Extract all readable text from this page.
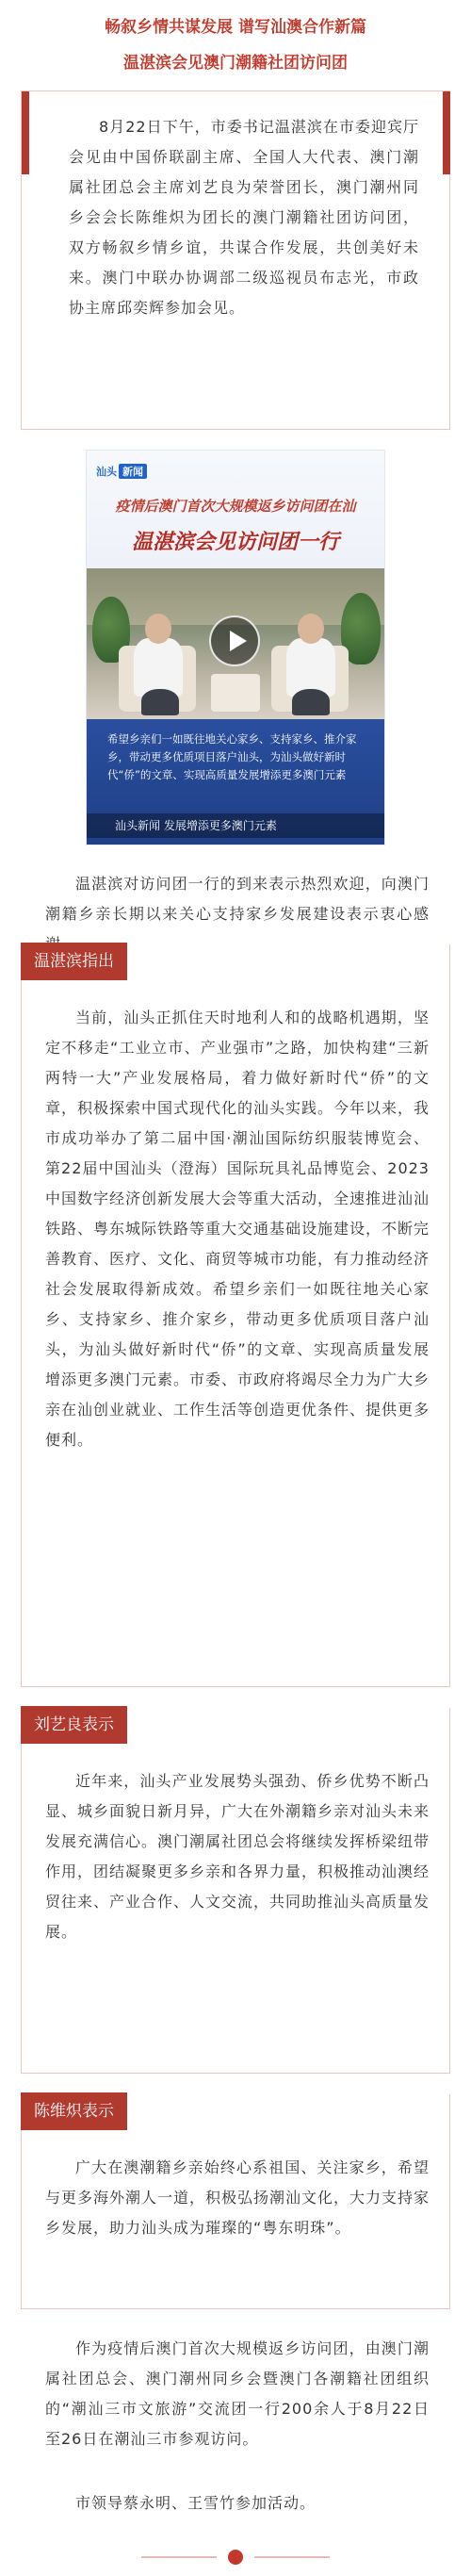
畅叙乡情共谋发展 谱写汕澳合作新篇

温湛滨会见澳门潮籍社团访问团

8月22日下午，市委书记温湛滨在市委迎宾厅会见由中国侨联副主席、全国人大代表、澳门潮属社团总会主席刘艺良为荣誉团长，澳门潮州同乡会会长陈维炽为团长的澳门潮籍社团访问团，双方畅叙乡情乡谊，共谋合作发展，共创美好未来。澳门中联办协调部二级巡视员布志光，市政协主席邱奕辉参加会见。

汕头 新闻
疫情后澳门首次大规模返乡访问团在汕
温湛滨会见访问团一行
希望乡亲们一如既往地关心家乡、支持家乡、推介家乡，带动更多优质项目落户汕头，为汕头做好新时代“侨”的文章、实现高质量发展增添更多澳门元素
汕头新闻 发展增添更多澳门元素

温湛滨对访问团一行的到来表示热烈欢迎，向澳门潮籍乡亲长期以来关心支持家乡发展建设表示衷心感

温湛滨指出

当前，汕头正抓住天时地利人和的战略机遇期，坚定不移走“工业立市、产业强市”之路，加快构建“三新两特一大”产业发展格局，着力做好新时代“侨”的文章，积极探索中国式现代化的汕头实践。今年以来，我市成功举办了第二届中国·潮汕国际纺织服装博览会、第22届中国汕头（澄海）国际玩具礼品博览会、2023中国数字经济创新发展大会等重大活动，全速推进汕汕铁路、粤东城际铁路等重大交通基础设施建设，不断完善教育、医疗、文化、商贸等城市功能，有力推动经济社会发展取得新成效。希望乡亲们一如既往地关心家乡、支持家乡、推介家乡，带动更多优质项目落户汕头，为汕头做好新时代“侨”的文章、实现高质量发展增添更多澳门元素。市委、市政府将竭尽全力为广大乡亲在汕创业就业、工作生活等创造更优条件、提供更多便利。

刘艺良表示

近年来，汕头产业发展势头强劲、侨乡优势不断凸显、城乡面貌日新月异，广大在外潮籍乡亲对汕头未来发展充满信心。澳门潮属社团总会将继续发挥桥梁纽带作用，团结凝聚更多乡亲和各界力量，积极推动汕澳经贸往来、产业合作、人文交流，共同助推汕头高质量发展。

陈维炽表示

广大在澳潮籍乡亲始终心系祖国、关注家乡，希望与更多海外潮人一道，积极弘扬潮汕文化，大力支持家乡发展，助力汕头成为璀璨的“粤东明珠”。

作为疫情后澳门首次大规模返乡访问团，由澳门潮属社团总会、澳门潮州同乡会暨澳门各潮籍社团组织的“潮汕三市文旅游”交流团一行200余人于8月22日至26日在潮汕三市参观访问。

市领导蔡永明、王雪竹参加活动。
